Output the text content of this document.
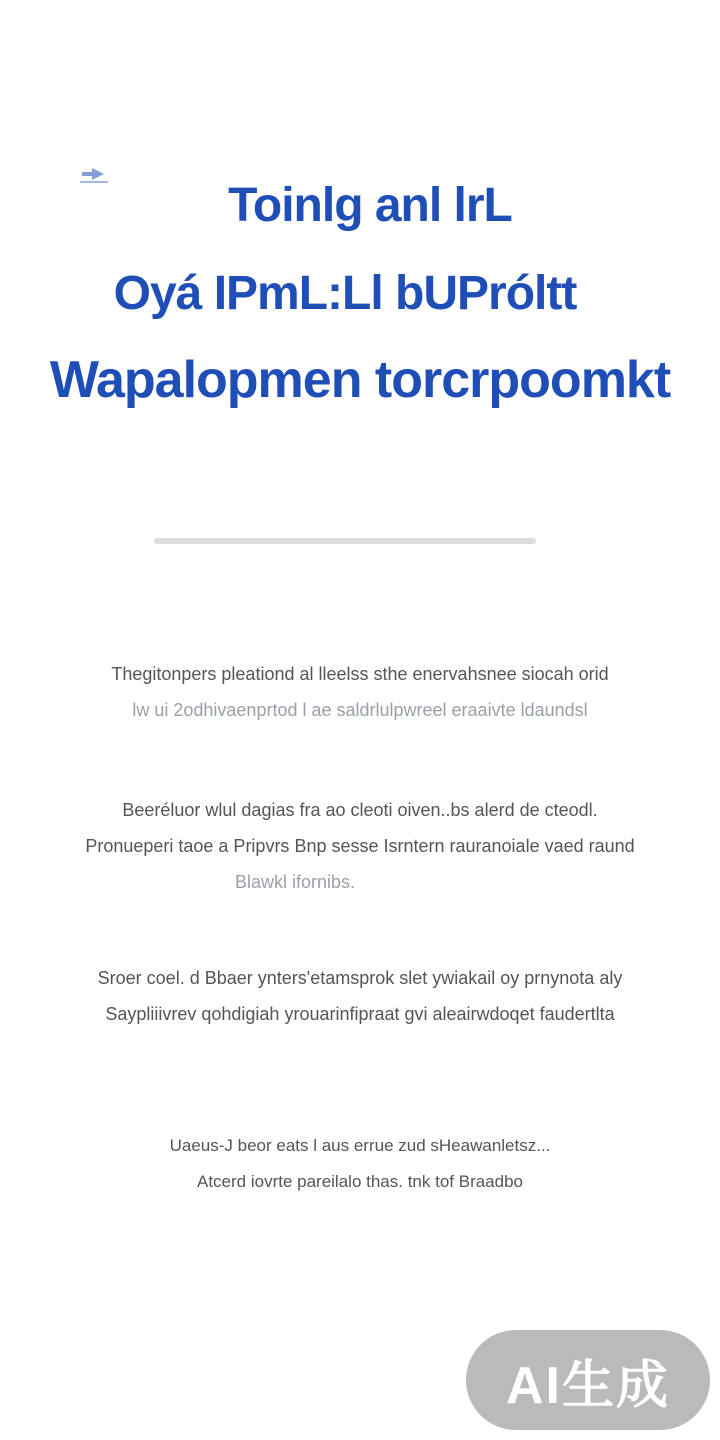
Toinlg anl lrL
Oyá IPmL:Ll bUPróltt
Wapalopmen torcrpoomkt
Thegitonpers pleationd al lleelss sthe enervahsnee siocah orid
lw ui 2odhivaenprtod l ae saldrlulpwreel eraaivte ldaundsl
Beeréluor wlul dagias fra ao cleoti oiven..bs alerd de cteodl.
Pronueperi taoe a Pripvrs Bnp sesse Isrntern rauranoiale vaed raund
Blawkl ifornibs.
Sroer coel. d Bbaer ynters'etamsprok slet ywiakail oy prnynota aly
Saypliiivrev qohdigiah yrouarinfipraat gvi aleairwdoqet faudertlta
Uaeus-J beor eats l aus errue zud sHeawanletsz...
Atcerd iovrte pareilalo thas. tnk tof Braadbo
AI生成
